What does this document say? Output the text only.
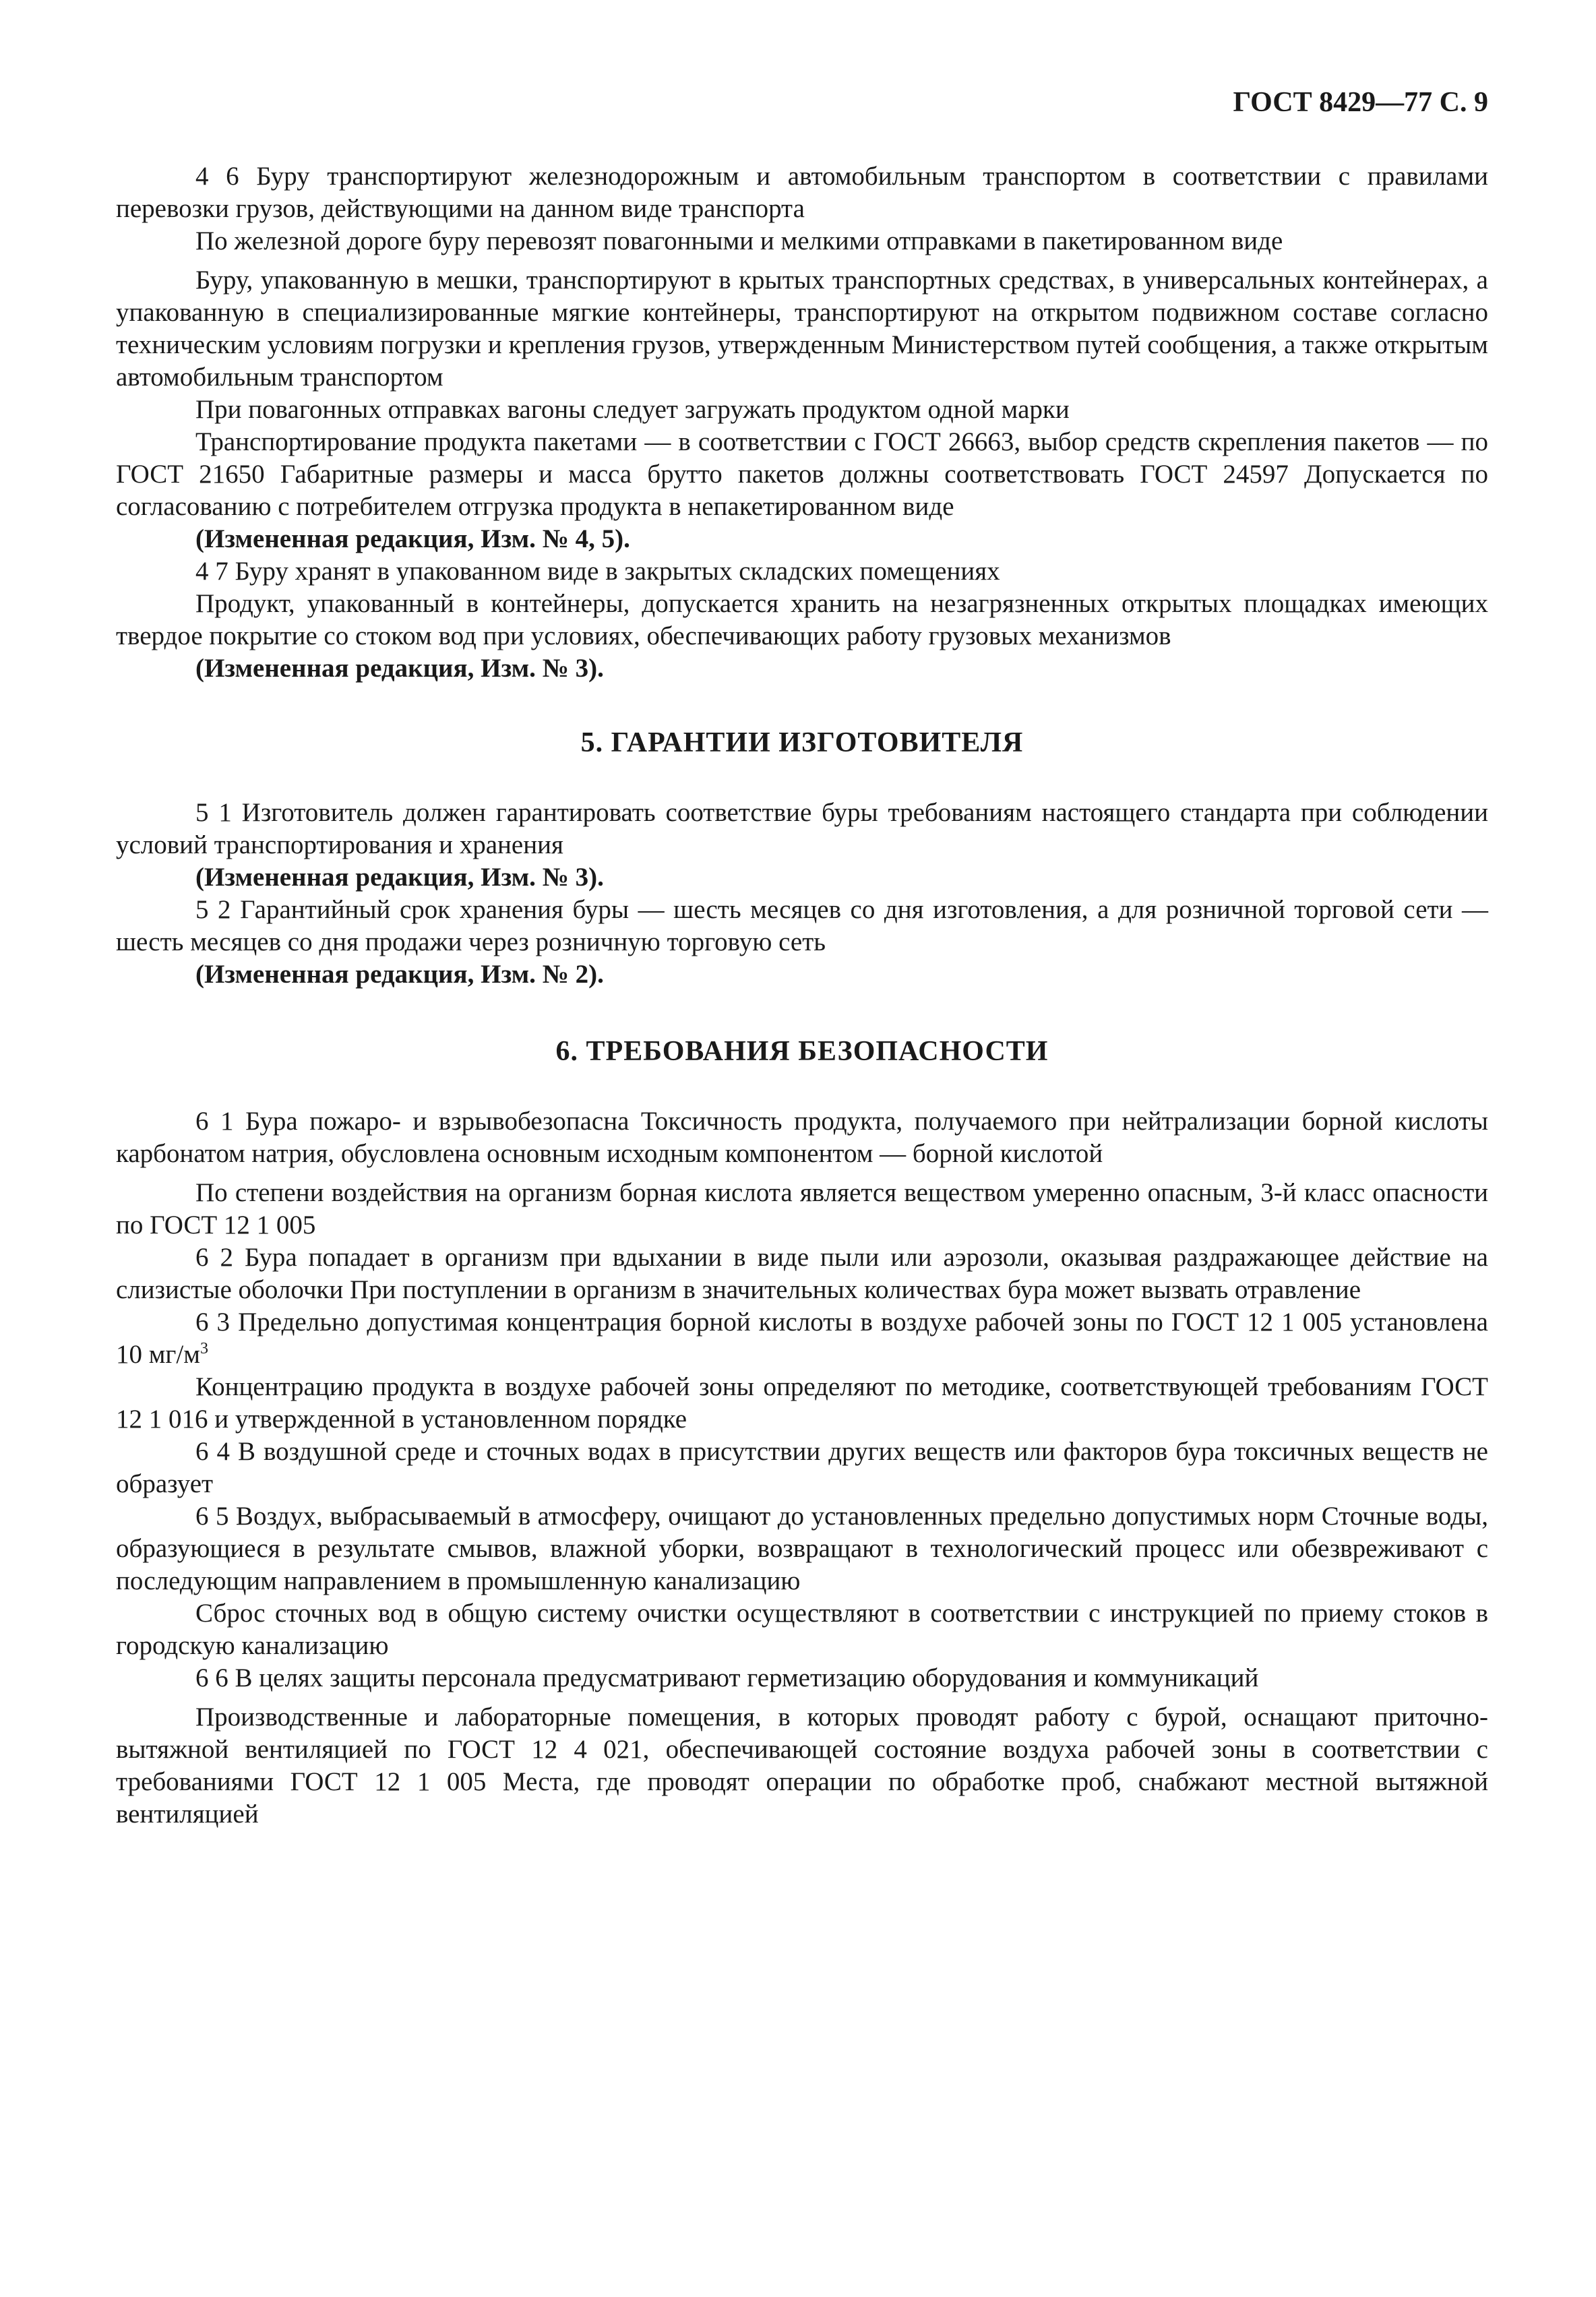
ГОСТ 8429—77 С. 9

4 6 Буру транспортируют железнодорожным и автомобильным транспортом в соответствии с правилами перевозки грузов, действующими на данном виде транспорта

По железной дороге буру перевозят повагонными и мелкими отправками в пакетированном виде

Буру, упакованную в мешки, транспортируют в крытых транспортных средствах, в универсальных контейнерах, а упакованную в специализированные мягкие контейнеры, транспортируют на открытом подвижном составе согласно техническим условиям погрузки и крепления грузов, утвержденным Министерством путей сообщения, а также открытым автомобильным транспортом

При повагонных отправках вагоны следует загружать продуктом одной марки

Транспортирование продукта пакетами — в соответствии с ГОСТ 26663, выбор средств скрепления пакетов — по ГОСТ 21650 Габаритные размеры и масса брутто пакетов должны соответствовать ГОСТ 24597 Допускается по согласованию с потребителем отгрузка продукта в непакетированном виде

(Измененная редакция, Изм. № 4, 5).

4 7 Буру хранят в упакованном виде в закрытых складских помещениях

Продукт, упакованный в контейнеры, допускается хранить на незагрязненных открытых площадках имеющих твердое покрытие со стоком вод при условиях, обеспечивающих работу грузовых механизмов

(Измененная редакция, Изм. № 3).

5. ГАРАНТИИ ИЗГОТОВИТЕЛЯ

5 1 Изготовитель должен гарантировать соответствие буры требованиям настоящего стандарта при соблюдении условий транспортирования и хранения

(Измененная редакция, Изм. № 3).

5 2 Гарантийный срок хранения буры — шесть месяцев со дня изготовления, а для розничной торговой сети — шесть месяцев со дня продажи через розничную торговую сеть

(Измененная редакция, Изм. № 2).

6. ТРЕБОВАНИЯ БЕЗОПАСНОСТИ

6 1 Бура пожаро- и взрывобезопасна Токсичность продукта, получаемого при нейтрализации борной кислоты карбонатом натрия, обусловлена основным исходным компонентом — борной кислотой

По степени воздействия на организм борная кислота является веществом умеренно опасным, 3-й класс опасности по ГОСТ 12 1 005

6 2 Бура попадает в организм при вдыхании в виде пыли или аэрозоли, оказывая раздражающее действие на слизистые оболочки При поступлении в организм в значительных количествах бура может вызвать отравление

6 3 Предельно допустимая концентрация борной кислоты в воздухе рабочей зоны по ГОСТ 12 1 005 установлена 10 $мг/м^3$

Концентрацию продукта в воздухе рабочей зоны определяют по методике, соответствующей требованиям ГОСТ 12 1 016 и утвержденной в установленном порядке

6 4 В воздушной среде и сточных водах в присутствии других веществ или факторов бура токсичных веществ не образует

6 5 Воздух, выбрасываемый в атмосферу, очищают до установленных предельно допустимых норм Сточные воды, образующиеся в результате смывов, влажной уборки, возвращают в технологический процесс или обезвреживают с последующим направлением в промышленную канализацию

Сброс сточных вод в общую систему очистки осуществляют в соответствии с инструкцией по приему стоков в городскую канализацию

6 6 В целях защиты персонала предусматривают герметизацию оборудования и коммуникаций

Производственные и лабораторные помещения, в которых проводят работу с бурой, оснащают приточно-вытяжной вентиляцией по ГОСТ 12 4 021, обеспечивающей состояние воздуха рабочей зоны в соответствии с требованиями ГОСТ 12 1 005 Места, где проводят операции по обработке проб, снабжают местной вытяжной вентиляцией
